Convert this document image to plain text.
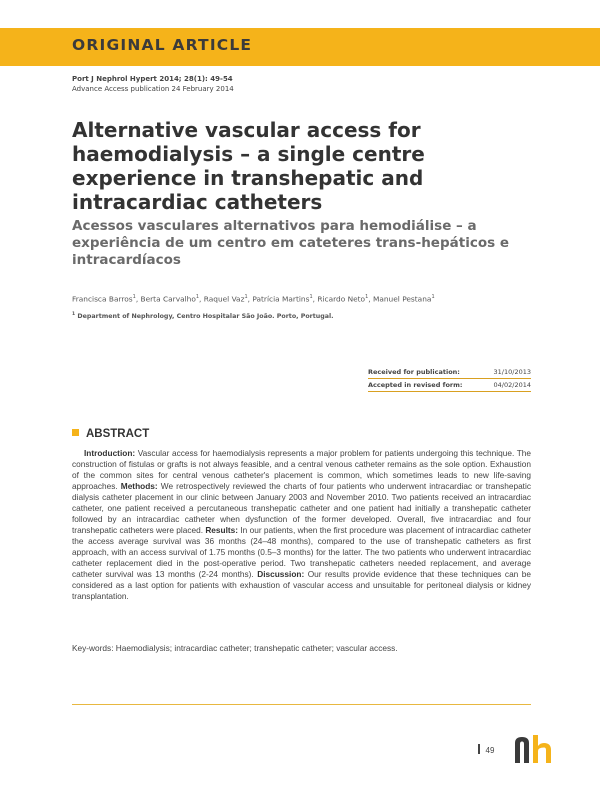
ORIGINAL ARTICLE
Port J Nephrol Hypert 2014; 28(1): 49-54
Advance Access publication 24 February 2014
Alternative vascular access for haemodialysis – a single centre experience in transhepatic and intracardiac catheters
Acessos vasculares alternativos para hemodiálise – a experiência de um centro em cateteres trans-hepáticos e intracardíacos
Francisca Barros$^1$, Berta Carvalho$^1$, Raquel Vaz$^1$, Patrícia Martins$^1$, Ricardo Neto$^1$, Manuel Pestana$^1$
$^1$ Department of Nephrology, Centro Hospitalar São João. Porto, Portugal.
Received for publication:	31/10/2013
Accepted in revised form:	04/02/2014
ABSTRACT

Introduction: Vascular access for haemodialysis represents a major problem for patients undergoing this technique. The construction of fistulas or grafts is not always feasible, and a central venous catheter remains as the sole option. Exhaustion of the common sites for central venous catheter's placement is common, which sometimes leads to new life-saving approaches. Methods: We retrospectively reviewed the charts of four patients who underwent intracardiac or transhepatic dialysis catheter placement in our clinic between January 2003 and November 2010. Two patients received an intracardiac catheter, one patient received a percutaneous transhepatic catheter and one patient had initially a transhepatic catheter followed by an intracardiac catheter when dysfunction of the former developed. Overall, five intracardiac and four transhepatic catheters were placed. Results: In our patients, when the first procedure was placement of intracardiac catheter the access average survival was 36 months (24–48 months), compared to the use of transhepatic catheters as first approach, with an access survival of 1.75 months (0.5–3 months) for the latter. The two patients who underwent intracardiac catheter replacement died in the post-operative period. Two transhepatic catheters needed replacement, and average catheter survival was 13 months (2-24 months). Discussion: Our results provide evidence that these techniques can be considered as a last option for patients with exhaustion of vascular access and unsuitable for peritoneal dialysis or kidney transplantation.

Key-words: Haemodialysis; intracardiac catheter; transhepatic catheter; vascular access.
49
